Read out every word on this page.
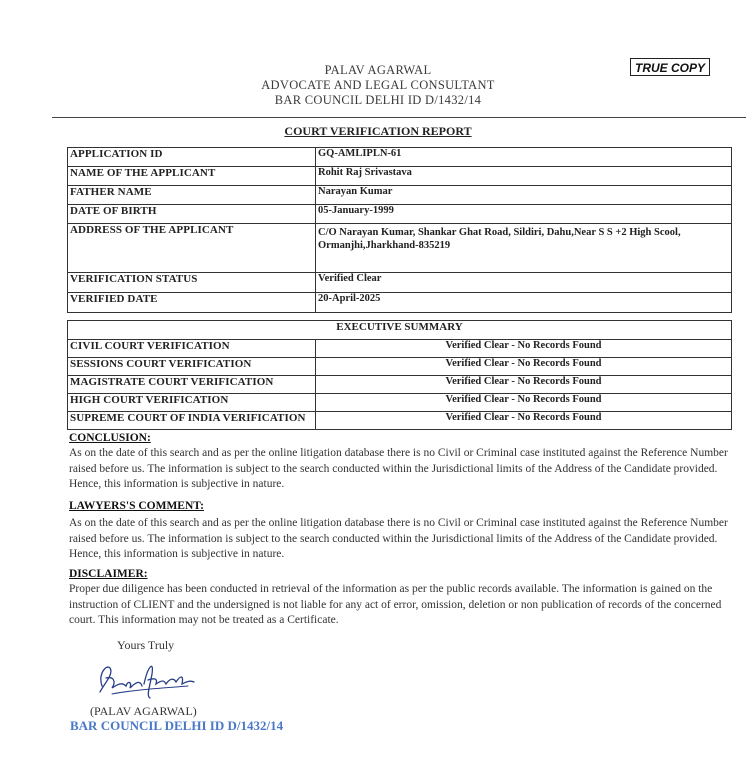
PALAV AGARWAL
ADVOCATE AND LEGAL CONSULTANT
BAR COUNCIL DELHI ID D/1432/14
TRUE COPY
COURT VERIFICATION REPORT
APPLICATION ID	GQ-AMLIPLN-61
NAME OF THE APPLICANT	Rohit Raj Srivastava
FATHER NAME	Narayan Kumar
DATE OF BIRTH	05-January-1999
ADDRESS OF THE APPLICANT	C/O Narayan Kumar, Shankar Ghat Road, Sildiri, Dahu,Near S S +2 High Scool, Ormanjhi,Jharkhand-835219
VERIFICATION STATUS	Verified Clear
VERIFIED DATE	20-April-2025
EXECUTIVE SUMMARY	
CIVIL COURT VERIFICATION	Verified Clear - No Records Found
SESSIONS COURT VERIFICATION	Verified Clear - No Records Found
MAGISTRATE COURT VERIFICATION	Verified Clear - No Records Found
HIGH COURT VERIFICATION	Verified Clear - No Records Found
SUPREME COURT OF INDIA VERIFICATION	Verified Clear - No Records Found
CONCLUSION:
As on the date of this search and as per the online litigation database there is no Civil or Criminal case instituted against the Reference Number raised before us. The information is subject to the search conducted within the Jurisdictional limits of the Address of the Candidate provided. Hence, this information is subjective in nature.
LAWYERS'S COMMENT:
As on the date of this search and as per the online litigation database there is no Civil or Criminal case instituted against the Reference Number raised before us. The information is subject to the search conducted within the Jurisdictional limits of the Address of the Candidate provided. Hence, this information is subjective in nature.
DISCLAIMER:
Proper due diligence has been conducted in retrieval of the information as per the public records available. The information is gained on the instruction of CLIENT and the undersigned is not liable for any act of error, omission, deletion or non publication of records of the concerned court. This information may not be treated as a Certificate.
Yours Truly
(PALAV AGARWAL)
BAR COUNCIL DELHI ID D/1432/14
